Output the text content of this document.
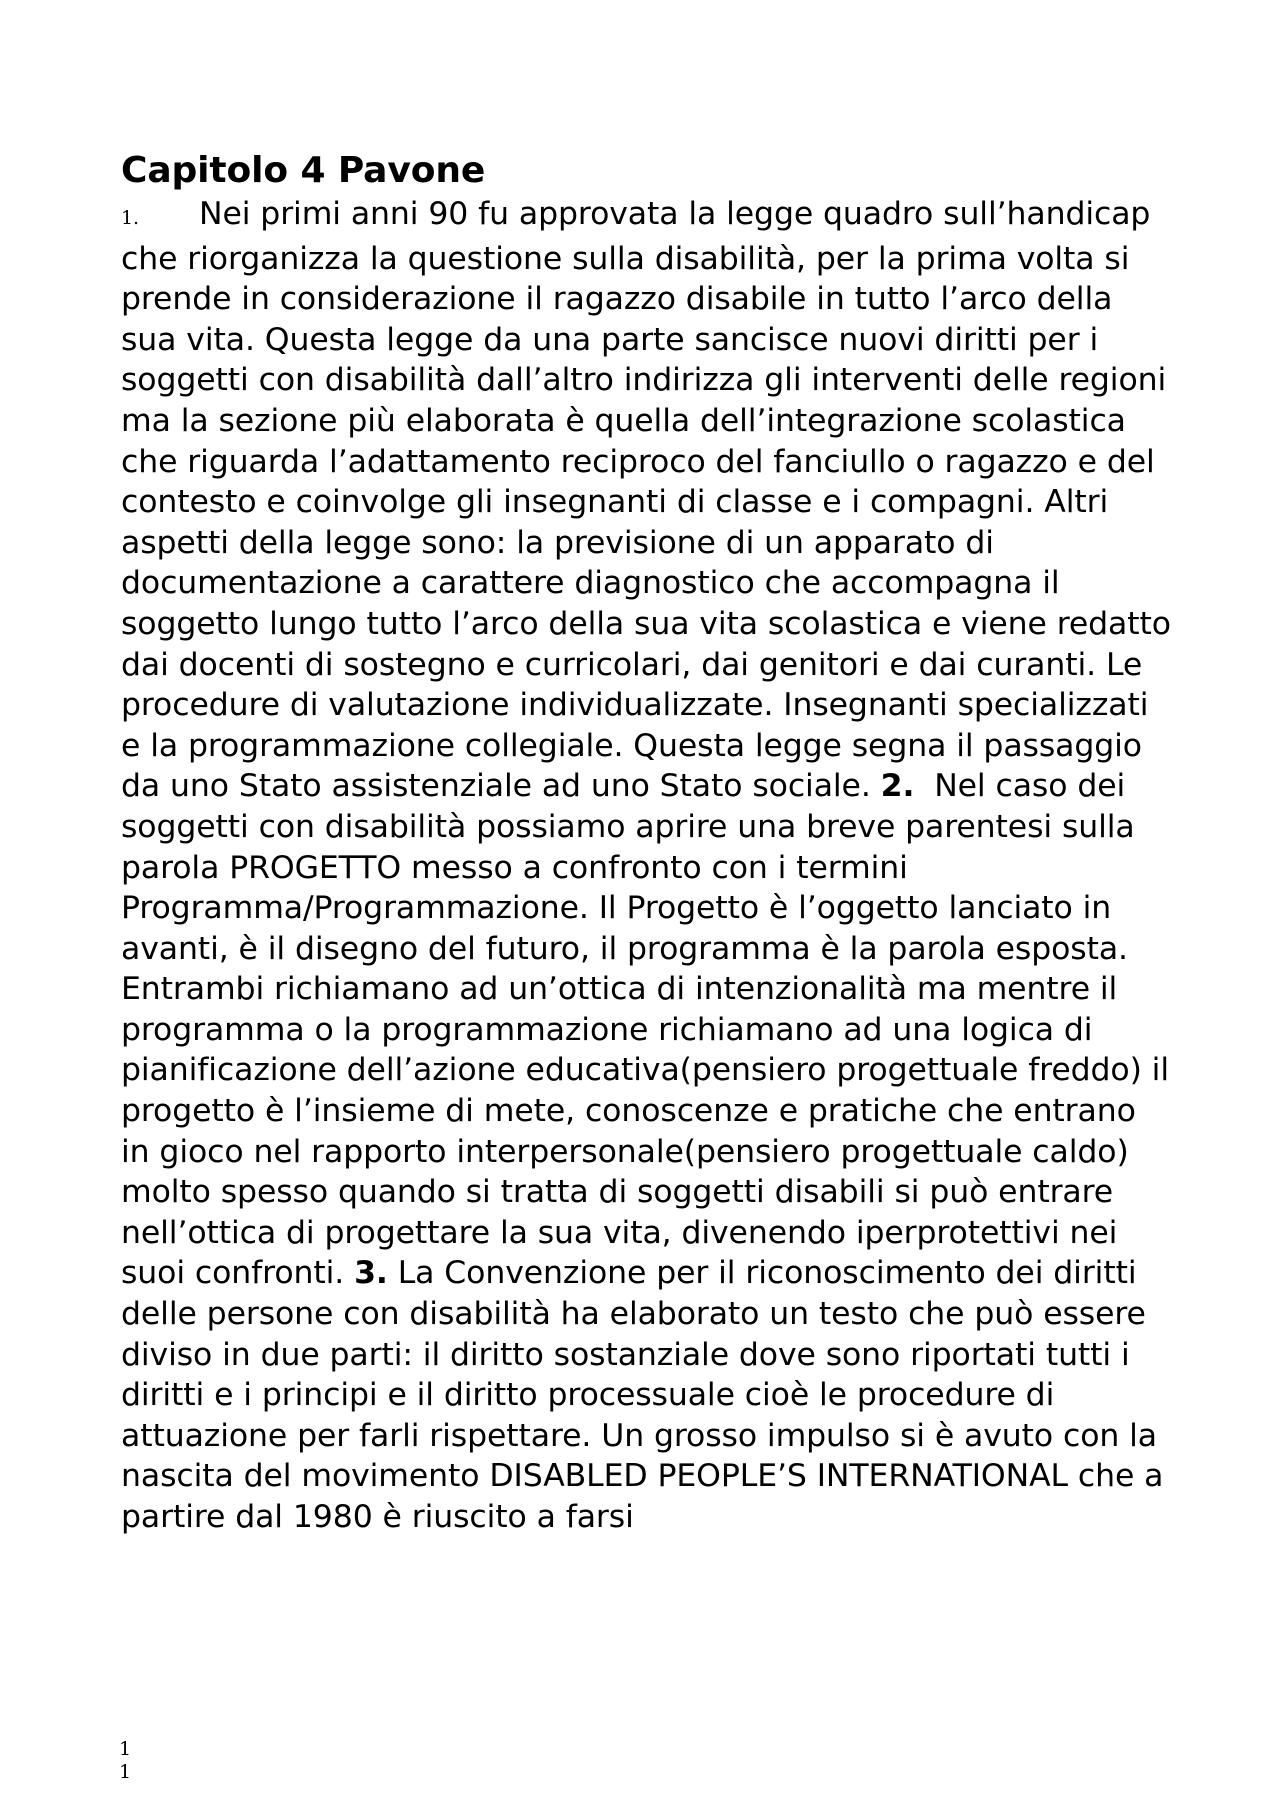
Capitolo 4 Pavone

1. Nei primi anni 90 fu approvata la legge quadro sull’handicap che riorganizza la questione sulla disabilità, per la prima volta si prende in considerazione il ragazzo disabile in tutto l’arco della sua vita. Questa legge da una parte sancisce nuovi diritti per i soggetti con disabilità dall’altro indirizza gli interventi delle regioni ma la sezione più elaborata è quella dell’integrazione scolastica che riguarda l’adattamento reciproco del fanciullo o ragazzo e del contesto e coinvolge gli insegnanti di classe e i compagni. Altri aspetti della legge sono: la previsione di un apparato di documentazione a carattere diagnostico che accompagna il soggetto lungo tutto l’arco della sua vita scolastica e viene redatto dai docenti di sostegno e curricolari, dai genitori e dai curanti. Le procedure di valutazione individualizzate. Insegnanti specializzati e la programmazione collegiale. Questa legge segna il passaggio da uno Stato assistenziale ad uno Stato sociale. 2. Nel caso dei soggetti con disabilità possiamo aprire una breve parentesi sulla parola PROGETTO messo a confronto con i termini Programma/Programmazione. Il Progetto è l’oggetto lanciato in avanti, è il disegno del futuro, il programma è la parola esposta. Entrambi richiamano ad un’ottica di intenzionalità ma mentre il programma o la programmazione richiamano ad una logica di pianificazione dell’azione educativa(pensiero progettuale freddo) il progetto è l’insieme di mete, conoscenze e pratiche che entrano in gioco nel rapporto interpersonale(pensiero progettuale caldo) molto spesso quando si tratta di soggetti disabili si può entrare nell’ottica di progettare la sua vita, divenendo iperprotettivi nei suoi confronti. 3. La Convenzione per il riconoscimento dei diritti delle persone con disabilità ha elaborato un testo che può essere diviso in due parti: il diritto sostanziale dove sono riportati tutti i diritti e i principi e il diritto processuale cioè le procedure di attuazione per farli rispettare. Un grosso impulso si è avuto con la nascita del movimento DISABLED PEOPLE’S INTERNATIONAL che a partire dal 1980 è riuscito a farsi

1
1
